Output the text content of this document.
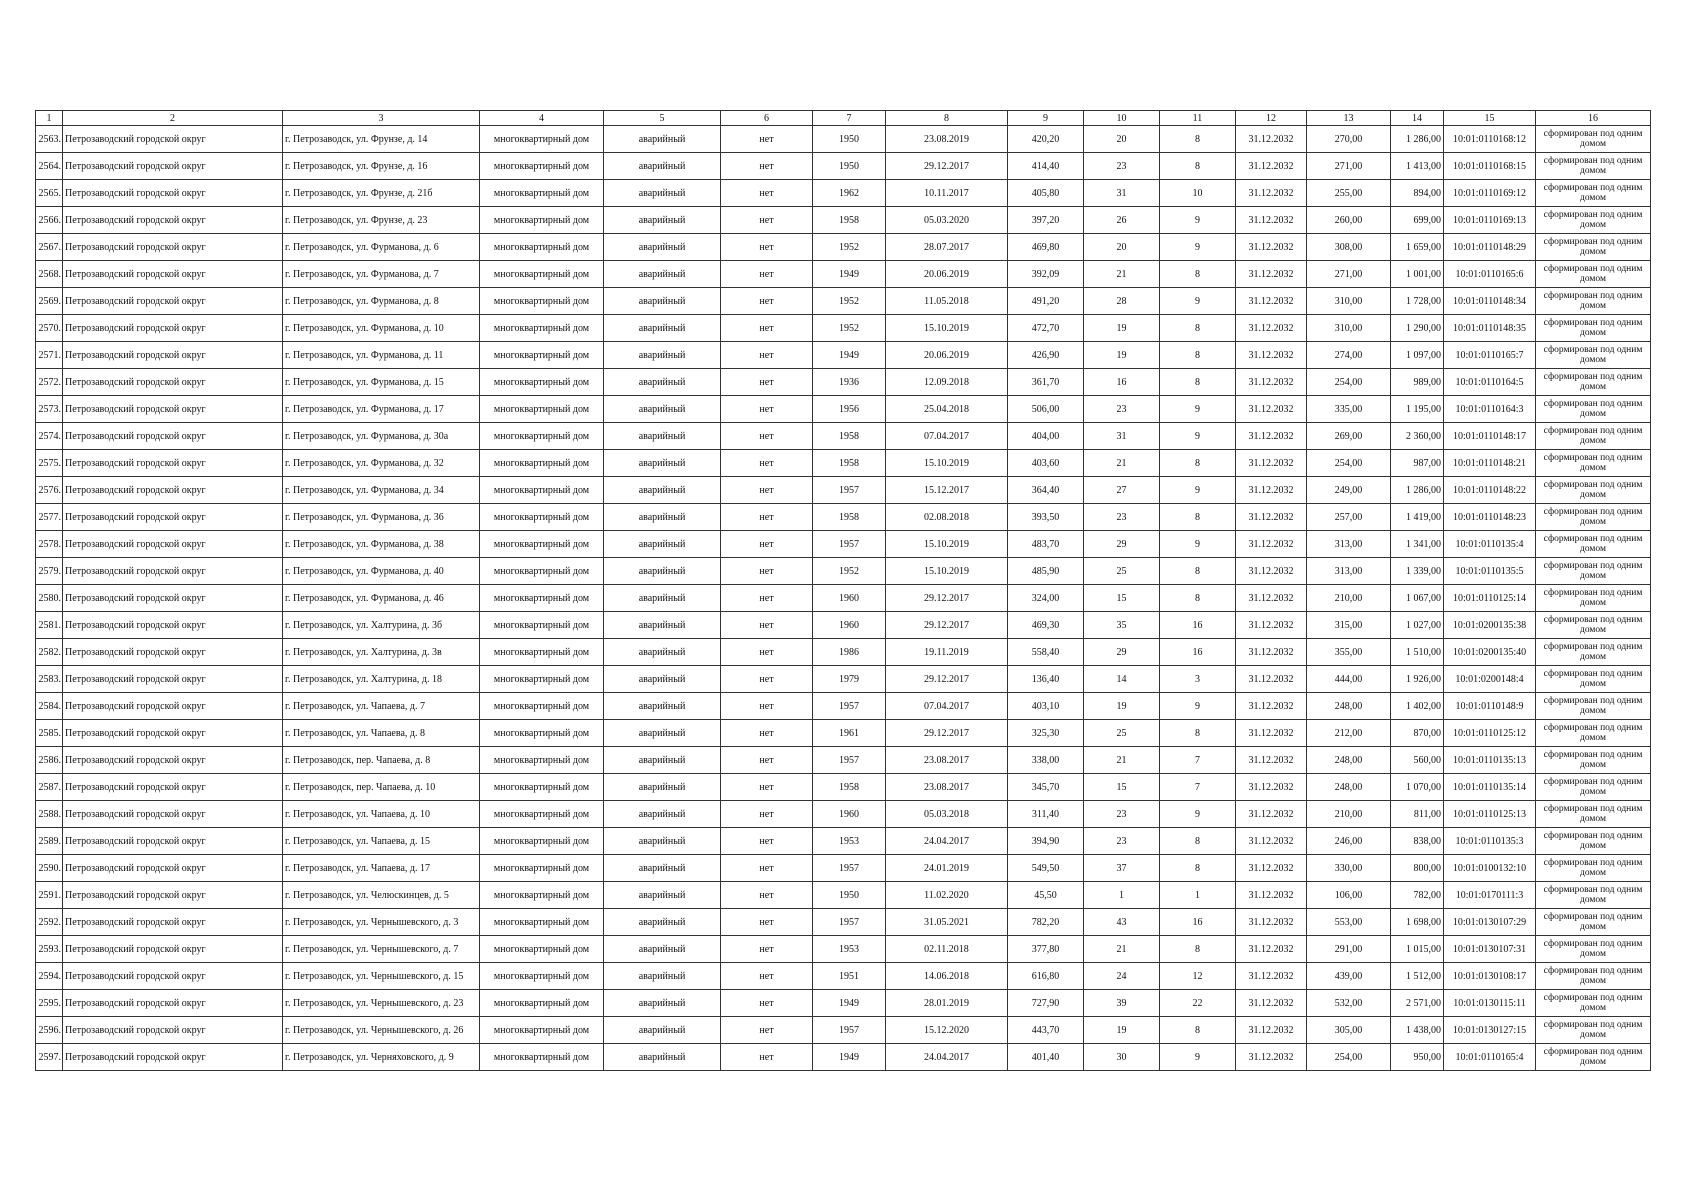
1	2	3	4	5	6	7	8	9	10	11	12	13	14	15	16
2563.	Петрозаводский городской округ	г. Петрозаводск, ул. Фрунзе, д. 14	многоквартирный дом	аварийный	нет	1950	23.08.2019	420,20	20	8	31.12.2032	270,00	1 286,00	10:01:0110168:12	сформирован под одним домом
2564.	Петрозаводский городской округ	г. Петрозаводск, ул. Фрунзе, д. 16	многоквартирный дом	аварийный	нет	1950	29.12.2017	414,40	23	8	31.12.2032	271,00	1 413,00	10:01:0110168:15	сформирован под одним домом
2565.	Петрозаводский городской округ	г. Петрозаводск, ул. Фрунзе, д. 21б	многоквартирный дом	аварийный	нет	1962	10.11.2017	405,80	31	10	31.12.2032	255,00	894,00	10:01:0110169:12	сформирован под одним домом
2566.	Петрозаводский городской округ	г. Петрозаводск, ул. Фрунзе, д. 23	многоквартирный дом	аварийный	нет	1958	05.03.2020	397,20	26	9	31.12.2032	260,00	699,00	10:01:0110169:13	сформирован под одним домом
2567.	Петрозаводский городской округ	г. Петрозаводск, ул. Фурманова, д. 6	многоквартирный дом	аварийный	нет	1952	28.07.2017	469,80	20	9	31.12.2032	308,00	1 659,00	10:01:0110148:29	сформирован под одним домом
2568.	Петрозаводский городской округ	г. Петрозаводск, ул. Фурманова, д. 7	многоквартирный дом	аварийный	нет	1949	20.06.2019	392,09	21	8	31.12.2032	271,00	1 001,00	10:01:0110165:6	сформирован под одним домом
2569.	Петрозаводский городской округ	г. Петрозаводск, ул. Фурманова, д. 8	многоквартирный дом	аварийный	нет	1952	11.05.2018	491,20	28	9	31.12.2032	310,00	1 728,00	10:01:0110148:34	сформирован под одним домом
2570.	Петрозаводский городской округ	г. Петрозаводск, ул. Фурманова, д. 10	многоквартирный дом	аварийный	нет	1952	15.10.2019	472,70	19	8	31.12.2032	310,00	1 290,00	10:01:0110148:35	сформирован под одним домом
2571.	Петрозаводский городской округ	г. Петрозаводск, ул. Фурманова, д. 11	многоквартирный дом	аварийный	нет	1949	20.06.2019	426,90	19	8	31.12.2032	274,00	1 097,00	10:01:0110165:7	сформирован под одним домом
2572.	Петрозаводский городской округ	г. Петрозаводск, ул. Фурманова, д. 15	многоквартирный дом	аварийный	нет	1936	12.09.2018	361,70	16	8	31.12.2032	254,00	989,00	10:01:0110164:5	сформирован под одним домом
2573.	Петрозаводский городской округ	г. Петрозаводск, ул. Фурманова, д. 17	многоквартирный дом	аварийный	нет	1956	25.04.2018	506,00	23	9	31.12.2032	335,00	1 195,00	10:01:0110164:3	сформирован под одним домом
2574.	Петрозаводский городской округ	г. Петрозаводск, ул. Фурманова, д. 30а	многоквартирный дом	аварийный	нет	1958	07.04.2017	404,00	31	9	31.12.2032	269,00	2 360,00	10:01:0110148:17	сформирован под одним домом
2575.	Петрозаводский городской округ	г. Петрозаводск, ул. Фурманова, д. 32	многоквартирный дом	аварийный	нет	1958	15.10.2019	403,60	21	8	31.12.2032	254,00	987,00	10:01:0110148:21	сформирован под одним домом
2576.	Петрозаводский городской округ	г. Петрозаводск, ул. Фурманова, д. 34	многоквартирный дом	аварийный	нет	1957	15.12.2017	364,40	27	9	31.12.2032	249,00	1 286,00	10:01:0110148:22	сформирован под одним домом
2577.	Петрозаводский городской округ	г. Петрозаводск, ул. Фурманова, д. 36	многоквартирный дом	аварийный	нет	1958	02.08.2018	393,50	23	8	31.12.2032	257,00	1 419,00	10:01:0110148:23	сформирован под одним домом
2578.	Петрозаводский городской округ	г. Петрозаводск, ул. Фурманова, д. 38	многоквартирный дом	аварийный	нет	1957	15.10.2019	483,70	29	9	31.12.2032	313,00	1 341,00	10:01:0110135:4	сформирован под одним домом
2579.	Петрозаводский городской округ	г. Петрозаводск, ул. Фурманова, д. 40	многоквартирный дом	аварийный	нет	1952	15.10.2019	485,90	25	8	31.12.2032	313,00	1 339,00	10:01:0110135:5	сформирован под одним домом
2580.	Петрозаводский городской округ	г. Петрозаводск, ул. Фурманова, д. 46	многоквартирный дом	аварийный	нет	1960	29.12.2017	324,00	15	8	31.12.2032	210,00	1 067,00	10:01:0110125:14	сформирован под одним домом
2581.	Петрозаводский городской округ	г. Петрозаводск, ул. Халтурина, д. 3б	многоквартирный дом	аварийный	нет	1960	29.12.2017	469,30	35	16	31.12.2032	315,00	1 027,00	10:01:0200135:38	сформирован под одним домом
2582.	Петрозаводский городской округ	г. Петрозаводск, ул. Халтурина, д. 3в	многоквартирный дом	аварийный	нет	1986	19.11.2019	558,40	29	16	31.12.2032	355,00	1 510,00	10:01:0200135:40	сформирован под одним домом
2583.	Петрозаводский городской округ	г. Петрозаводск, ул. Халтурина, д. 18	многоквартирный дом	аварийный	нет	1979	29.12.2017	136,40	14	3	31.12.2032	444,00	1 926,00	10:01:0200148:4	сформирован под одним домом
2584.	Петрозаводский городской округ	г. Петрозаводск, ул. Чапаева, д. 7	многоквартирный дом	аварийный	нет	1957	07.04.2017	403,10	19	9	31.12.2032	248,00	1 402,00	10:01:0110148:9	сформирован под одним домом
2585.	Петрозаводский городской округ	г. Петрозаводск, ул. Чапаева, д. 8	многоквартирный дом	аварийный	нет	1961	29.12.2017	325,30	25	8	31.12.2032	212,00	870,00	10:01:0110125:12	сформирован под одним домом
2586.	Петрозаводский городской округ	г. Петрозаводск, пер. Чапаева, д. 8	многоквартирный дом	аварийный	нет	1957	23.08.2017	338,00	21	7	31.12.2032	248,00	560,00	10:01:0110135:13	сформирован под одним домом
2587.	Петрозаводский городской округ	г. Петрозаводск, пер. Чапаева, д. 10	многоквартирный дом	аварийный	нет	1958	23.08.2017	345,70	15	7	31.12.2032	248,00	1 070,00	10:01:0110135:14	сформирован под одним домом
2588.	Петрозаводский городской округ	г. Петрозаводск, ул. Чапаева, д. 10	многоквартирный дом	аварийный	нет	1960	05.03.2018	311,40	23	9	31.12.2032	210,00	811,00	10:01:0110125:13	сформирован под одним домом
2589.	Петрозаводский городской округ	г. Петрозаводск, ул. Чапаева, д. 15	многоквартирный дом	аварийный	нет	1953	24.04.2017	394,90	23	8	31.12.2032	246,00	838,00	10:01:0110135:3	сформирован под одним домом
2590.	Петрозаводский городской округ	г. Петрозаводск, ул. Чапаева, д. 17	многоквартирный дом	аварийный	нет	1957	24.01.2019	549,50	37	8	31.12.2032	330,00	800,00	10:01:0100132:10	сформирован под одним домом
2591.	Петрозаводский городской округ	г. Петрозаводск, ул. Челюскинцев, д. 5	многоквартирный дом	аварийный	нет	1950	11.02.2020	45,50	1	1	31.12.2032	106,00	782,00	10:01:0170111:3	сформирован под одним домом
2592.	Петрозаводский городской округ	г. Петрозаводск, ул. Чернышевского, д. 3	многоквартирный дом	аварийный	нет	1957	31.05.2021	782,20	43	16	31.12.2032	553,00	1 698,00	10:01:0130107:29	сформирован под одним домом
2593.	Петрозаводский городской округ	г. Петрозаводск, ул. Чернышевского, д. 7	многоквартирный дом	аварийный	нет	1953	02.11.2018	377,80	21	8	31.12.2032	291,00	1 015,00	10:01:0130107:31	сформирован под одним домом
2594.	Петрозаводский городской округ	г. Петрозаводск, ул. Чернышевского, д. 15	многоквартирный дом	аварийный	нет	1951	14.06.2018	616,80	24	12	31.12.2032	439,00	1 512,00	10:01:0130108:17	сформирован под одним домом
2595.	Петрозаводский городской округ	г. Петрозаводск, ул. Чернышевского, д. 23	многоквартирный дом	аварийный	нет	1949	28.01.2019	727,90	39	22	31.12.2032	532,00	2 571,00	10:01:0130115:11	сформирован под одним домом
2596.	Петрозаводский городской округ	г. Петрозаводск, ул. Чернышевского, д. 26	многоквартирный дом	аварийный	нет	1957	15.12.2020	443,70	19	8	31.12.2032	305,00	1 438,00	10:01:0130127:15	сформирован под одним домом
2597.	Петрозаводский городской округ	г. Петрозаводск, ул. Черняховского, д. 9	многоквартирный дом	аварийный	нет	1949	24.04.2017	401,40	30	9	31.12.2032	254,00	950,00	10:01:0110165:4	сформирован под одним домом
